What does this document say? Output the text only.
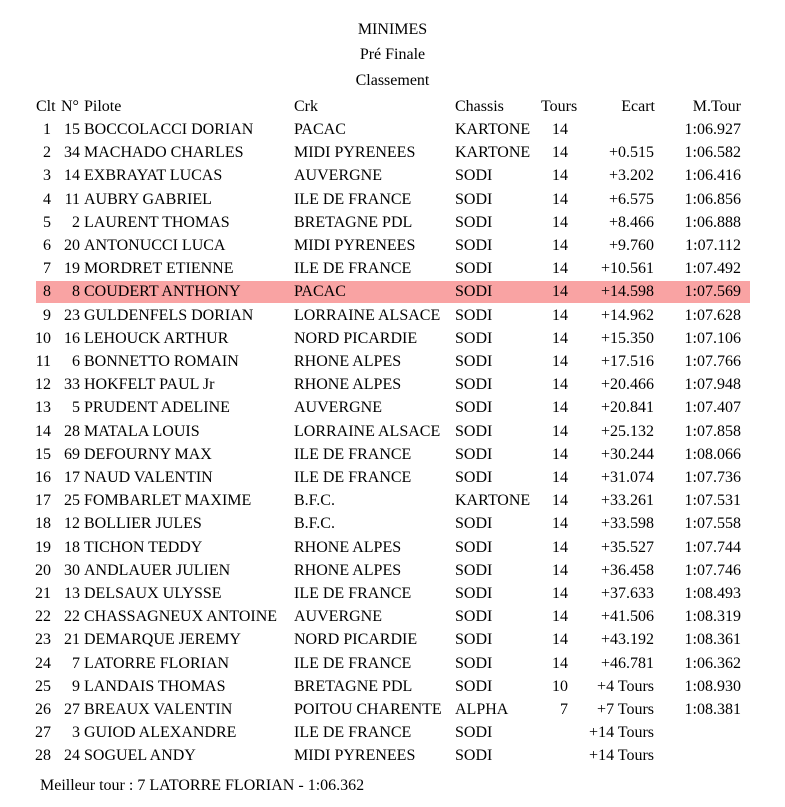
MINIMES
Pré Finale
Classement
Clt N° Pilote	Crk	Chassis Tours	Ecart M.Tour
1 15 BOCCOLACCI DORIAN	PACAC	KARTONE 14	1:06.927
2 34 MACHADO CHARLES	MIDI PYRENEES KARTONE 14	+0.515 1:06.582
3 14 EXBRAYAT LUCAS	AUVERGNE	SODI	14	+3.202 1:06.416
4 11 AUBRY GABRIEL	ILE DE FRANCE	SODI	14	+6.575 1:06.856
5 2 LAURENT THOMAS	BRETAGNE PDL	SODI	14	+8.466 1:06.888
6 20 ANTONUCCI LUCA	MIDI PYRENEES SODI	14	+9.760 1:07.112
7 19 MORDRET ETIENNE	ILE DE FRANCE	SODI	14 +10.561 1:07.492
8 8 COUDERT ANTHONY	PACAC	SODI	14 +14.598 1:07.569
9 23 GULDENFELS DORIAN	LORRAINE ALSACE SODI	14 +14.962 1:07.628
10 16 LEHOUCK ARTHUR	NORD PICARDIE SODI	14 +15.350 1:07.106
11 6 BONNETTO ROMAIN	RHONE ALPES	SODI	14 +17.516 1:07.766
12 33 HOKFELT PAUL Jr	RHONE ALPES	SODI	14 +20.466 1:07.948
13 5 PRUDENT ADELINE	AUVERGNE	SODI	14 +20.841 1:07.407
14 28 MATALA LOUIS	LORRAINE ALSACE SODI	14 +25.132 1:07.858
15 69 DEFOURNY MAX	ILE DE FRANCE	SODI	14 +30.244 1:08.066
16 17 NAUD VALENTIN	ILE DE FRANCE	SODI	14 +31.074 1:07.736
17 25 FOMBARLET MAXIME	B.F.C.	KARTONE 14 +33.261 1:07.531
18 12 BOLLIER JULES	B.F.C.	SODI	14 +33.598 1:07.558
19 18 TICHON TEDDY	RHONE ALPES	SODI	14 +35.527 1:07.744
20 30 ANDLAUER JULIEN	RHONE ALPES	SODI	14 +36.458 1:07.746
21 13 DELSAUX ULYSSE	ILE DE FRANCE	SODI	14 +37.633 1:08.493
22 22 CHASSAGNEUX ANTOINE AUVERGNE	SODI	14 +41.506 1:08.319
23 21 DEMARQUE JEREMY	NORD PICARDIE SODI	14 +43.192 1:08.361
24 7 LATORRE FLORIAN	ILE DE FRANCE	SODI	14 +46.781 1:06.362
25 9 LANDAIS THOMAS	BRETAGNE PDL	SODI	10 +4 Tours 1:08.930
26 27 BREAUX VALENTIN	POITOU CHARENTE ALPHA	7 +7 Tours 1:08.381
27 3 GUIOD ALEXANDRE	ILE DE FRANCE	SODI	+14 Tours
28 24 SOGUEL ANDY	MIDI PYRENEES SODI	+14 Tours
Meilleur tour : 7 LATORRE FLORIAN - 1:06.362
